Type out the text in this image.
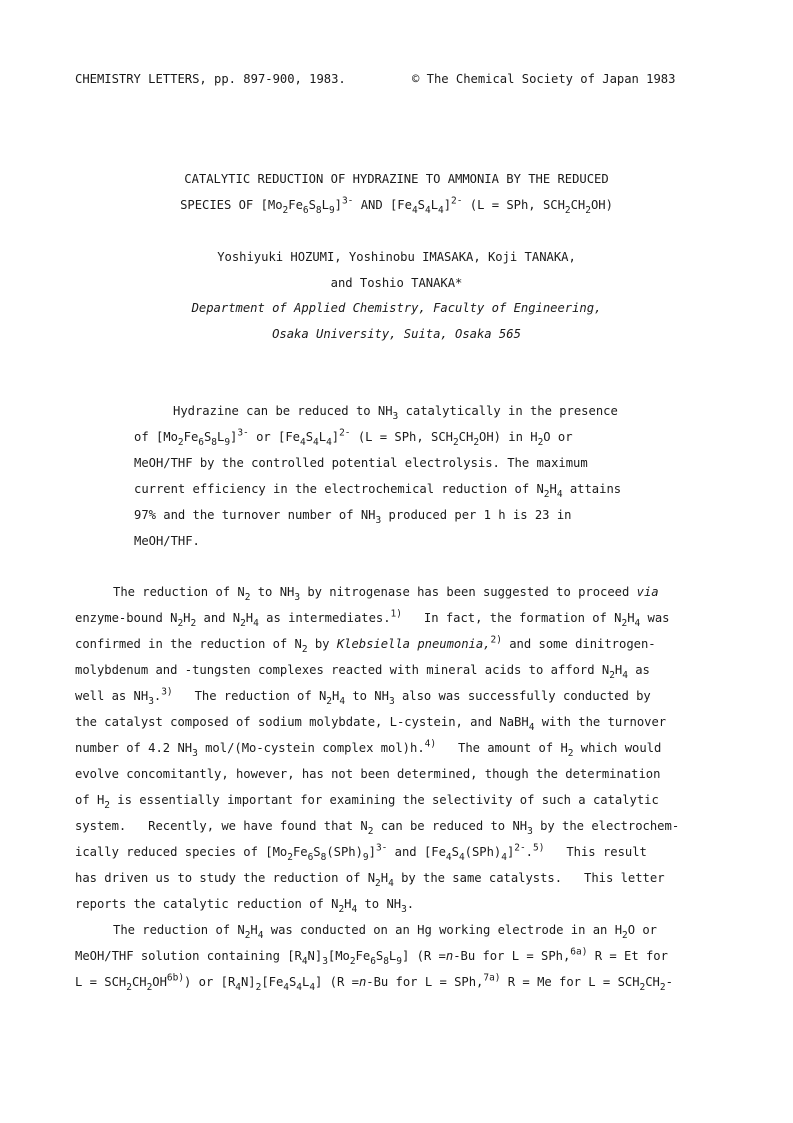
CHEMISTRY LETTERS, pp. 897-900, 1983.	© The Chemical Society of Japan 1983
CATALYTIC REDUCTION OF HYDRAZINE TO AMMONIA BY THE REDUCED
SPECIES OF $[Mo_2Fe_6S_8L_9]^{3-}$ AND $[Fe_4S_4L_4]^{2-}$ (L = SPh, $SCH_2CH_2OH$)
Yoshiyuki HOZUMI, Yoshinobu IMASAKA, Koji TANAKA,
and Toshio TANAKA*
Department of Applied Chemistry, Faculty of Engineering,
Osaka University, Suita, Osaka 565
Hydrazine can be reduced to $NH_3$ catalytically in the presence
of $[Mo_2Fe_6S_8L_9]^{3-}$ or $[Fe_4S_4L_4]^{2-}$ (L = SPh, $SCH_2CH_2OH$) in $H_2O$ or
MeOH/THF by the controlled potential electrolysis. The maximum
current efficiency in the electrochemical reduction of $N_2H_4$ attains
97% and the turnover number of $NH_3$ produced per 1 h is 23 in
MeOH/THF.
The reduction of $N_2$ to $NH_3$ by nitrogenase has been suggested to proceed via
enzyme-bound $N_2H_2$ and $N_2H_4$ as intermediates.$^{1)}$   In fact, the formation of $N_2H_4$ was
confirmed in the reduction of $N_2$ by Klebsiella pneumonia,$^{2)}$ and some dinitrogen-
molybdenum and -tungsten complexes reacted with mineral acids to afford $N_2H_4$ as
well as $NH_3.^{3)}$   The reduction of $N_2H_4$ to $NH_3$ also was successfully conducted by
the catalyst composed of sodium molybdate, L-cystein, and NaBH$_4$ with the turnover
number of 4.2 $NH_3$ mol/(Mo-cystein complex mol)h.$^{4)}$   The amount of $H_2$ which would
evolve concomitantly, however, has not been determined, though the determination
of $H_2$ is essentially important for examining the selectivity of such a catalytic
system.   Recently, we have found that $N_2$ can be reduced to $NH_3$ by the electrochem-
ically reduced species of $[Mo_2Fe_6S_8(SPh)_9]^{3-}$ and $[Fe_4S_4(SPh)_4]^{2-}.^{5)}$ This result
has driven us to study the reduction of $N_2H_4$ by the same catalysts.   This letter
reports the catalytic reduction of $N_2H_4$ to $NH_3$.
The reduction of $N_2H_4$ was conducted on an Hg working electrode in an $H_2O$ or
MeOH/THF solution containing $[R_4N]_3[Mo_2Fe_6S_8L_9]$ (R =n-Bu for L = SPh,$^{6a)}$ R = Et for
$L = SCH_2CH_2OH^{6b)}$) or $[R_4N]_2[Fe_4S_4L_4]$ (R =n-Bu for L = SPh,$^{7a)}$ R = Me for $L = SCH_2CH_2-$
